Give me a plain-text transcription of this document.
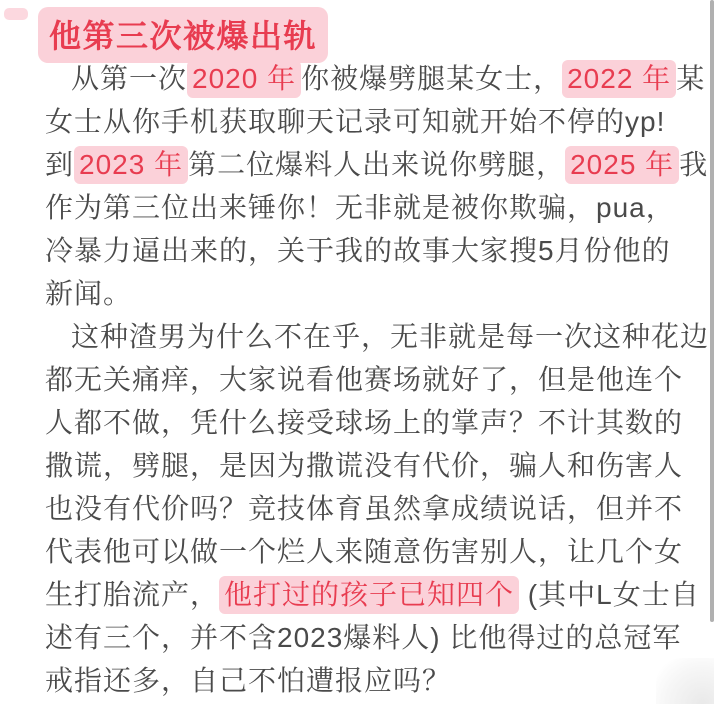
他第三次被爆出轨
从第一次 2020 年 你被爆劈腿某女士， 2022 年 某
女士从你手机获取聊天记录可知就开始不停的yp!
到 2023 年 第二位爆料人出来说你劈腿， 2025 年 我
作为第三位出来锤你！无非就是被你欺骗，pua，
冷暴力逼出来的，关于我的故事大家搜5月份他的
新闻。
这种渣男为什么不在乎，无非就是每一次这种花边
都无关痛痒，大家说看他赛场就好了，但是他连个
人都不做，凭什么接受球场上的掌声？不计其数的
撒谎，劈腿，是因为撒谎没有代价，骗人和伤害人
也没有代价吗？竞技体育虽然拿成绩说话，但并不
代表他可以做一个烂人来随意伤害别人，让几个女
生打胎流产， 他打过的孩子已知四个 (其中L女士自
述有三个，并不含2023爆料人) 比他得过的总冠军
戒指还多，自己不怕遭报应吗？
